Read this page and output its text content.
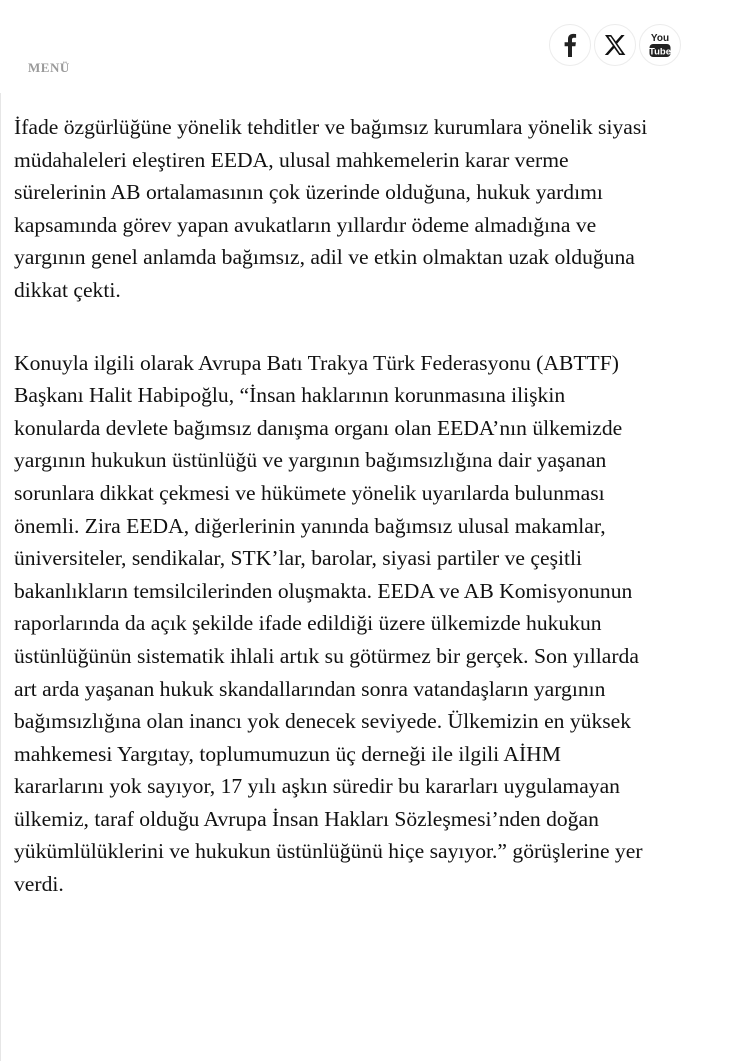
MENÜ
You
Tube

İfade özgürlüğüne yönelik tehditler ve bağımsız kurumlara yönelik siyasi
müdahaleleri eleştiren EEDA, ulusal mahkemelerin karar verme
sürelerinin AB ortalamasının çok üzerinde olduğuna, hukuk yardımı
kapsamında görev yapan avukatların yıllardır ödeme almadığına ve
yargının genel anlamda bağımsız, adil ve etkin olmaktan uzak olduğuna
dikkat çekti.

Konuyla ilgili olarak Avrupa Batı Trakya Türk Federasyonu (ABTTF)
Başkanı Halit Habipoğlu, “İnsan haklarının korunmasına ilişkin
konularda devlete bağımsız danışma organı olan EEDA’nın ülkemizde
yargının hukukun üstünlüğü ve yargının bağımsızlığına dair yaşanan
sorunlara dikkat çekmesi ve hükümete yönelik uyarılarda bulunması
önemli. Zira EEDA, diğerlerinin yanında bağımsız ulusal makamlar,
üniversiteler, sendikalar, STK’lar, barolar, siyasi partiler ve çeşitli
bakanlıkların temsilcilerinden oluşmakta. EEDA ve AB Komisyonunun
raporlarında da açık şekilde ifade edildiği üzere ülkemizde hukukun
üstünlüğünün sistematik ihlali artık su götürmez bir gerçek. Son yıllarda
art arda yaşanan hukuk skandallarından sonra vatandaşların yargının
bağımsızlığına olan inancı yok denecek seviyede. Ülkemizin en yüksek
mahkemesi Yargıtay, toplumumuzun üç derneği ile ilgili AİHM
kararlarını yok sayıyor, 17 yılı aşkın süredir bu kararları uygulamayan
ülkemiz, taraf olduğu Avrupa İnsan Hakları Sözleşmesi’nden doğan
yükümlülüklerini ve hukukun üstünlüğünü hiçe sayıyor.” görüşlerine yer
verdi.
